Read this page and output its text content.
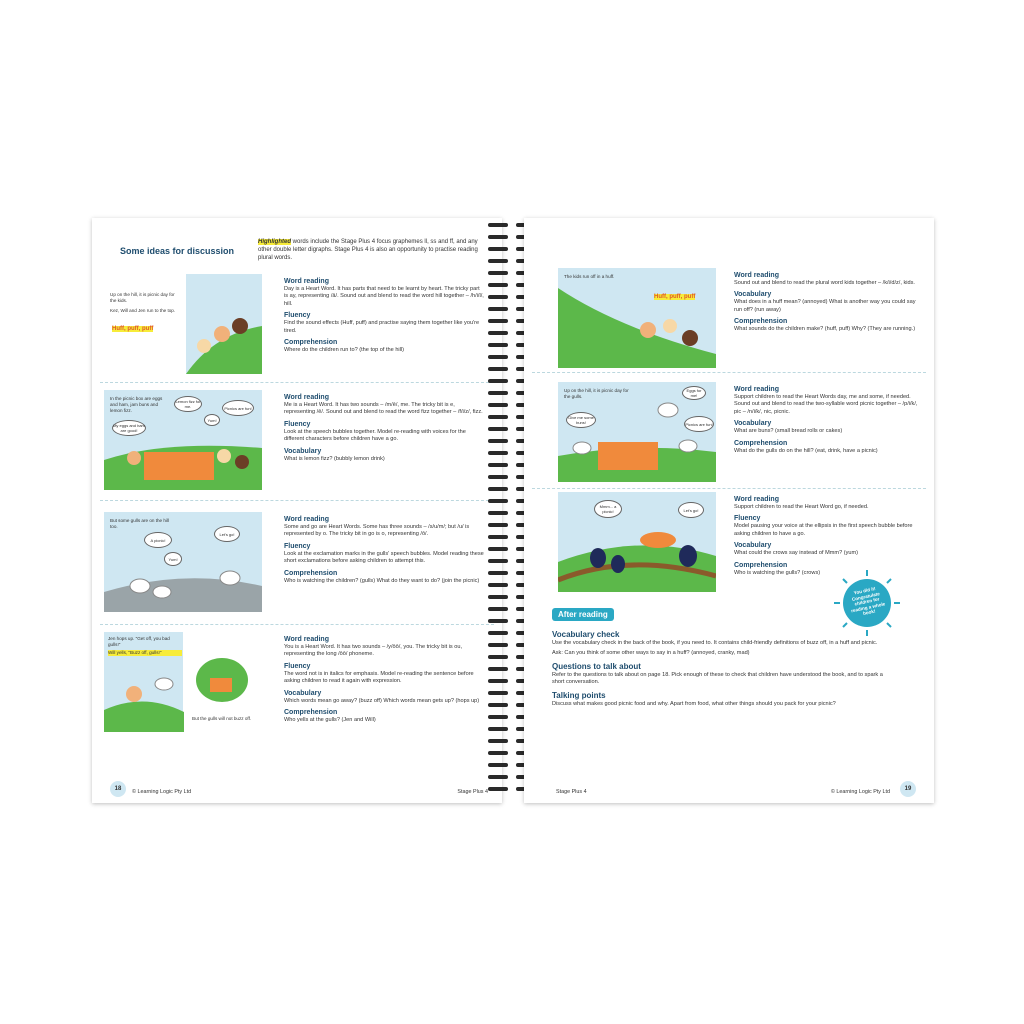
Some ideas for discussion
Highlighted words include the Stage Plus 4 focus graphemes ll, ss and ff, and any other double letter digraphs. Stage Plus 4 is also an opportunity to practise reading plural words.
Up on the hill, it is picnic day for the kids.
Kez, Will and Jen run to the top.
Huff, puff, puff
Word reading
Day is a Heart Word. It has parts that need to be learnt by heart. The tricky part is ay, representing /ā/. Sound out and blend to read the word hill together – /h/i/l/, hill.
Fluency
Find the sound effects (Huff, puff) and practise saying them together like you're tired.
Comprehension
Where do the children run to? (the top of the hill)
In the picnic box are eggs and ham, jam buns and lemon fizz.
Lemon fizz for me.
Yum!
My eggs and ham are good!
Picnics are fun!
Word reading
Me is a Heart Word. It has two sounds – /m/ē/, me. The tricky bit is e, representing /ē/. Sound out and blend to read the word fizz together – /f/i/z/, fizz.
Fluency
Look at the speech bubbles together. Model re-reading with voices for the different characters before children have a go.
Vocabulary
What is lemon fizz? (bubbly lemon drink)
But some gulls are on the hill too.
A picnic!
Let's go!
Yum!
Word reading
Some and go are Heart Words. Some has three sounds – /s/u/m/; but /u/ is represented by o. The tricky bit in go is o, representing /ō/.
Fluency
Look at the exclamation marks in the gulls' speech bubbles. Model reading these short exclamations before asking children to attempt this.
Comprehension
Who is watching the children? (gulls) What do they want to do? (join the picnic)
Jen hops up. "Get off, you bad gulls!"
Will yells, "Buzz off, gulls!"
But the gulls will not buzz off.
Word reading
You is a Heart Word. It has two sounds – /y/ōō/, you. The tricky bit is ou, representing the long /ōō/ phoneme.
Fluency
The word not is in italics for emphasis. Model re-reading the sentence before asking children to read it again with expression.
Vocabulary
Which words mean go away? (buzz off) Which words mean gets up? (hops up)
Comprehension
Who yells at the gulls? (Jen and Will)
18	© Learning Logic Pty Ltd	Stage Plus 4
The kids run off in a huff.
Huff, puff, puff
Word reading
Sound out and blend to read the plural word kids together – /k/i/d/z/, kids.
Vocabulary
What does in a huff mean? (annoyed) What is another way you could say run off? (run away)
Comprehension
What sounds do the children make? (huff, puff) Why? (They are running.)
Up on the hill, it is picnic day for the gulls.
Give me some buns!
Eggs for me!
Picnics are fun!
Word reading
Support children to read the Heart Words day, me and some, if needed. Sound out and blend to read the two-syllable word picnic together – /p/i/k/, pic – /n/i/k/, nic, picnic.
Vocabulary
What are buns? (small bread rolls or cakes)
Comprehension
What do the gulls do on the hill? (eat, drink, have a picnic)
Mmm... a picnic!	Let's go!
Word reading
Support children to read the Heart Word go, if needed.
Fluency
Model pausing your voice at the ellipsis in the first speech bubble before asking children to have a go.
Vocabulary
What could the crows say instead of Mmm? (yum)
Comprehension
Who is watching the gulls? (crows)
You did it! Congratulate children for reading a whole book!
After reading
Vocabulary check
Use the vocabulary check in the back of the book, if you need to. It contains child-friendly definitions of buzz off, in a huff and picnic.
Ask: Can you think of some other ways to say in a huff? (annoyed, cranky, mad)
Questions to talk about
Refer to the questions to talk about on page 18. Pick enough of these to check that children have understood the book, and to spark a short conversation.
Talking points
Discuss what makes good picnic food and why. Apart from food, what other things should you pack for your picnic?
Stage Plus 4	© Learning Logic Pty Ltd	19
